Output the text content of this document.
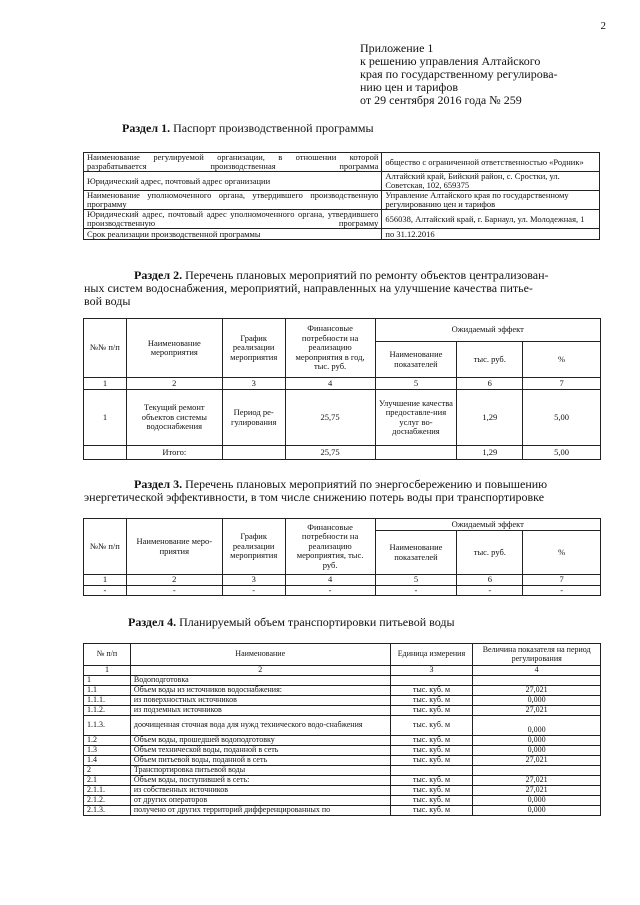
2
Приложение 1
к решению управления Алтайского
края по государственному регулирова-
нию цен и тарифов
от 29 сентября 2016 года № 259
Раздел 1. Паспорт производственной программы
Наименование регулируемой организации, в отношении которой разрабатывается производственная программа	общество с ограниченной ответственностью «Родник»
Юридический адрес, почтовый адрес организации	Алтайский край, Бийский район, с. Сростки, ул. Советская, 102, 659375
Наименование уполномоченного органа, утвердившего производственную программу	Управление Алтайского края по государственному регулированию цен и тарифов
Юридический адрес, почтовый адрес уполномоченного органа, утвердившего производственную программу	656038, Алтайский край, г. Барнаул, ул. Молодежная, 1
Срок реализации производственной программы	по 31.12.2016
Раздел 2. Перечень плановых мероприятий по ремонту объектов централизован-
ных систем водоснабжения, мероприятий, направленных на улучшение качества питье-
вой воды
№№ п/п	Наименование мероприятия	График реализации мероприятия	Финансовые потребности на реализацию мероприятия в год, тыс. руб.	Ожидаемый эффект		
				Наименование показателей	тыс. руб.	%
1	2	3	4	5	6	7
1	Текущий ремонт объектов системы водоснабжения	Период ре-гулирования	25,75	Улучшение качества предоставле-ния услуг во-доснабжения	1,29	5,00
	Итого:		25,75		1,29	5,00
Раздел 3. Перечень плановых мероприятий по энергосбережению и повышению
энергетической эффективности, в том числе снижению потерь воды при транспортировке
№№ п/п	Наименование меро-приятия	График реализации мероприятия	Финансовые потребности на реализацию мероприятия, тыс. руб.	Ожидаемый эффект		
				Наименование показателей	тыс. руб.	%
1	2	3	4	5	6	7
-	-	-	-	-	-	-
Раздел 4. Планируемый объем транспортировки питьевой воды
№ п/п	Наименование	Единица измерения	Величина показателя на период регулирования
1	2	3	4
1	Водоподготовка		
1.1	Объем воды из источников водоснабжения:	тыс. куб. м	27,021
1.1.1.	из поверхностных источников	тыс. куб. м	0,000
1.1.2.	из подземных источников	тыс. куб. м	27,021
1.1.3.	доочищенная сточная вода для нужд технического водо-снабжения	тыс. куб. м	0,000
1.2	Объем воды, прошедшей водоподготовку	тыс. куб. м	0,000
1.3	Объем технической воды, поданной в сеть	тыс. куб. м	0,000
1.4	Объем питьевой воды, поданной в сеть	тыс. куб. м	27,021
2	Транспортировка питьевой воды		
2.1	Объем воды, поступившей в сеть:	тыс. куб. м	27,021
2.1.1.	из собственных источников	тыс. куб. м	27,021
2.1.2.	от других операторов	тыс. куб. м	0,000
2.1.3.	получено от других территорий дифференцированных по	тыс. куб. м	0,000
